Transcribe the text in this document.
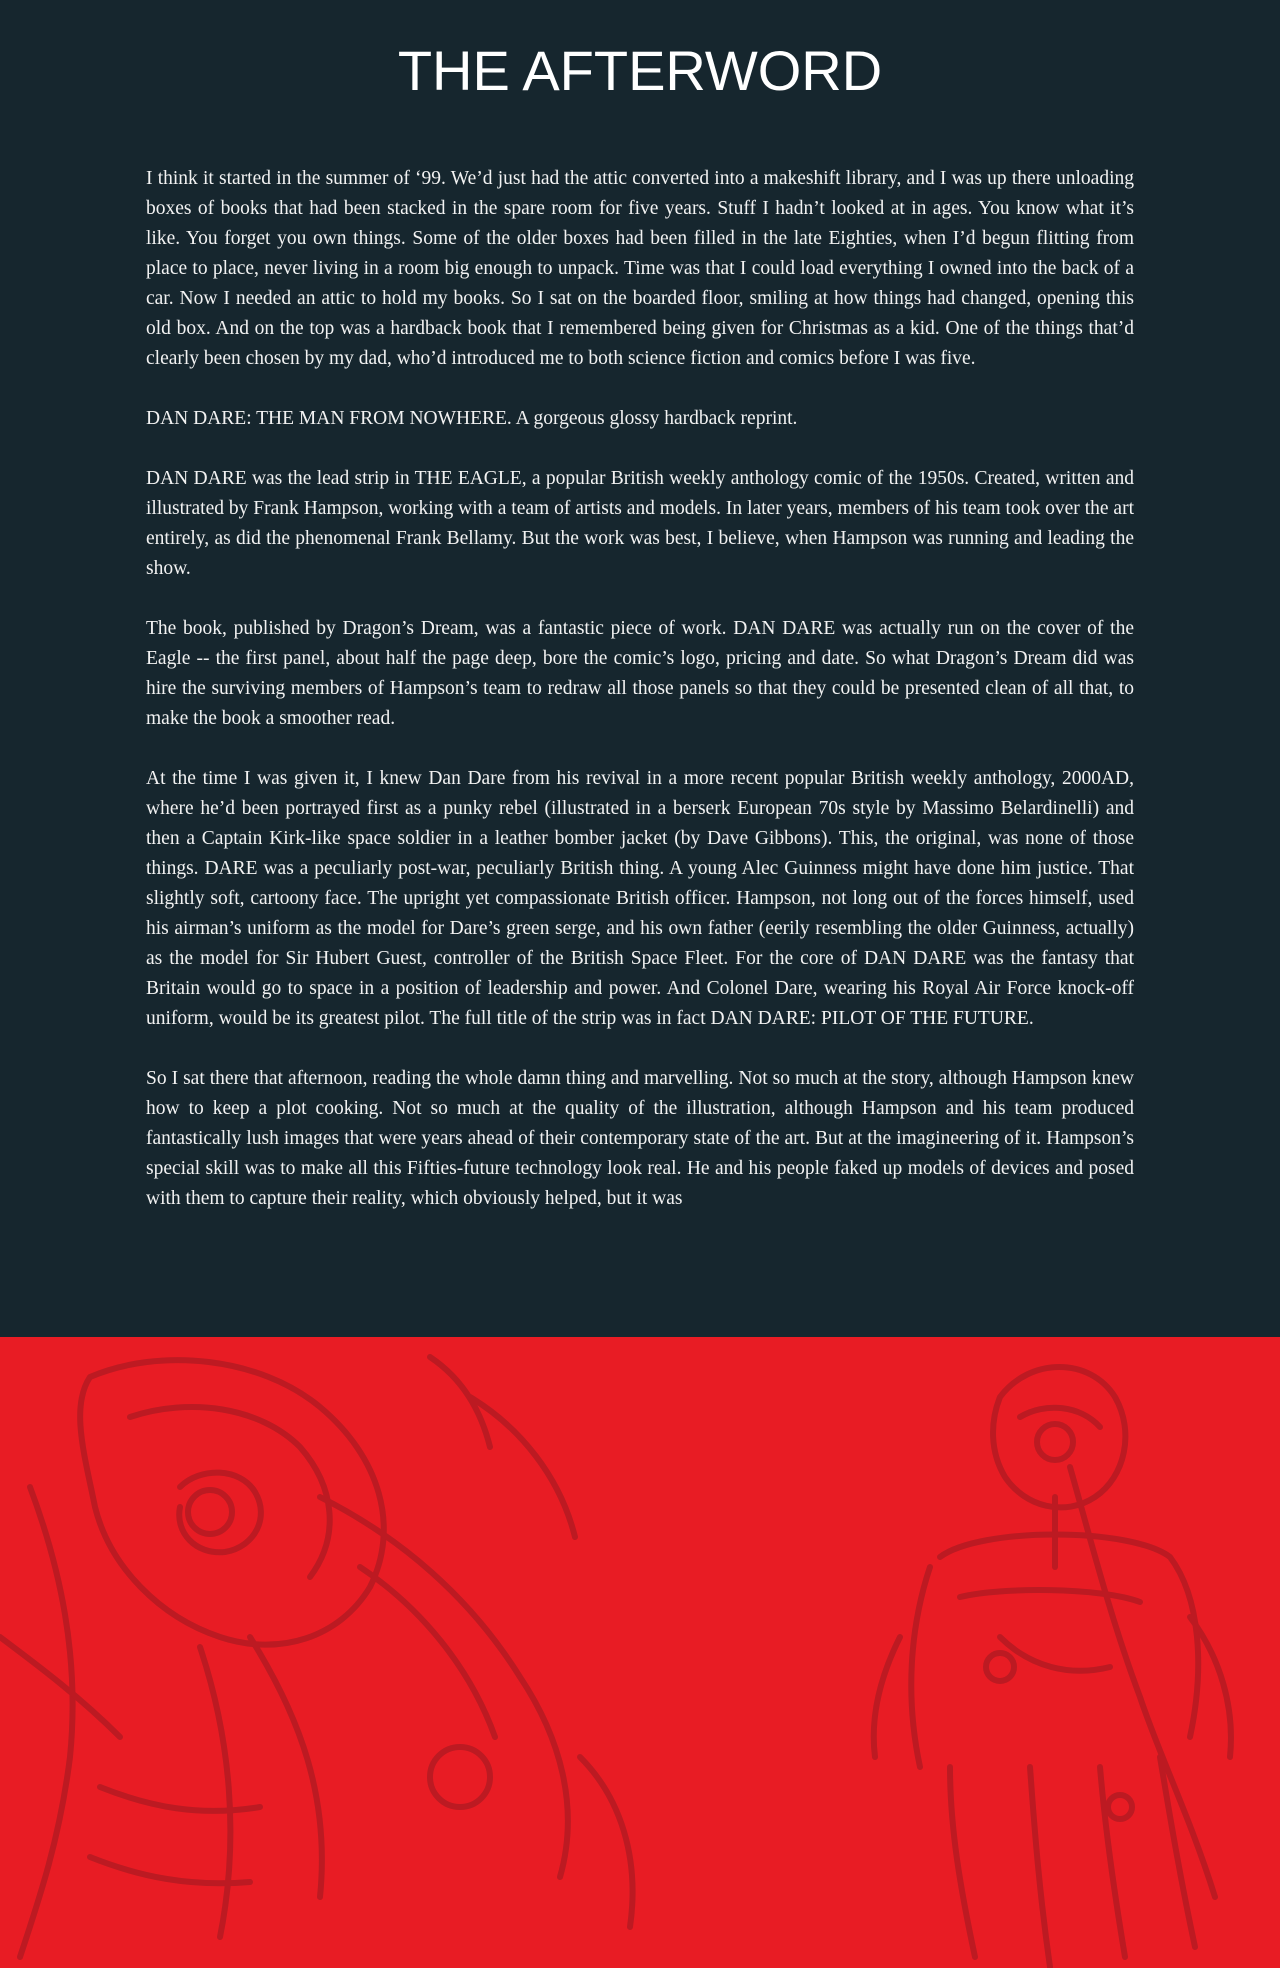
THE AFTERWORD

I think it started in the summer of ‘99. We’d just had the attic converted into a makeshift library, and I was up there unloading boxes of books that had been stacked in the spare room for five years. Stuff I hadn’t looked at in ages. You know what it’s like. You forget you own things. Some of the older boxes had been filled in the late Eighties, when I’d begun flitting from place to place, never living in a room big enough to unpack. Time was that I could load everything I owned into the back of a car. Now I needed an attic to hold my books. So I sat on the boarded floor, smiling at how things had changed, opening this old box. And on the top was a hardback book that I remembered being given for Christmas as a kid. One of the things that’d clearly been chosen by my dad, who’d introduced me to both science fiction and comics before I was five.

DAN DARE: THE MAN FROM NOWHERE. A gorgeous glossy hardback reprint.

DAN DARE was the lead strip in THE EAGLE, a popular British weekly anthology comic of the 1950s. Created, written and illustrated by Frank Hampson, working with a team of artists and models. In later years, members of his team took over the art entirely, as did the phenomenal Frank Bellamy. But the work was best, I believe, when Hampson was running and leading the show.

The book, published by Dragon’s Dream, was a fantastic piece of work. DAN DARE was actually run on the cover of the Eagle -- the first panel, about half the page deep, bore the comic’s logo, pricing and date. So what Dragon’s Dream did was hire the surviving members of Hampson’s team to redraw all those panels so that they could be presented clean of all that, to make the book a smoother read.

At the time I was given it, I knew Dan Dare from his revival in a more recent popular British weekly anthology, 2000AD, where he’d been portrayed first as a punky rebel (illustrated in a berserk European 70s style by Massimo Belardinelli) and then a Captain Kirk-like space soldier in a leather bomber jacket (by Dave Gibbons). This, the original, was none of those things. DARE was a peculiarly post-war, peculiarly British thing. A young Alec Guinness might have done him justice. That slightly soft, cartoony face. The upright yet compassionate British officer. Hampson, not long out of the forces himself, used his airman’s uniform as the model for Dare’s green serge, and his own father (eerily resembling the older Guinness, actually) as the model for Sir Hubert Guest, controller of the British Space Fleet. For the core of DAN DARE was the fantasy that Britain would go to space in a position of leadership and power. And Colonel Dare, wearing his Royal Air Force knock-off uniform, would be its greatest pilot. The full title of the strip was in fact DAN DARE: PILOT OF THE FUTURE.

So I sat there that afternoon, reading the whole damn thing and marvelling. Not so much at the story, although Hampson knew how to keep a plot cooking. Not so much at the quality of the illustration, although Hampson and his team produced fantastically lush images that were years ahead of their contemporary state of the art. But at the imagineering of it. Hampson’s special skill was to make all this Fifties-future technology look real. He and his people faked up models of devices and posed with them to capture their reality, which obviously helped, but it was
